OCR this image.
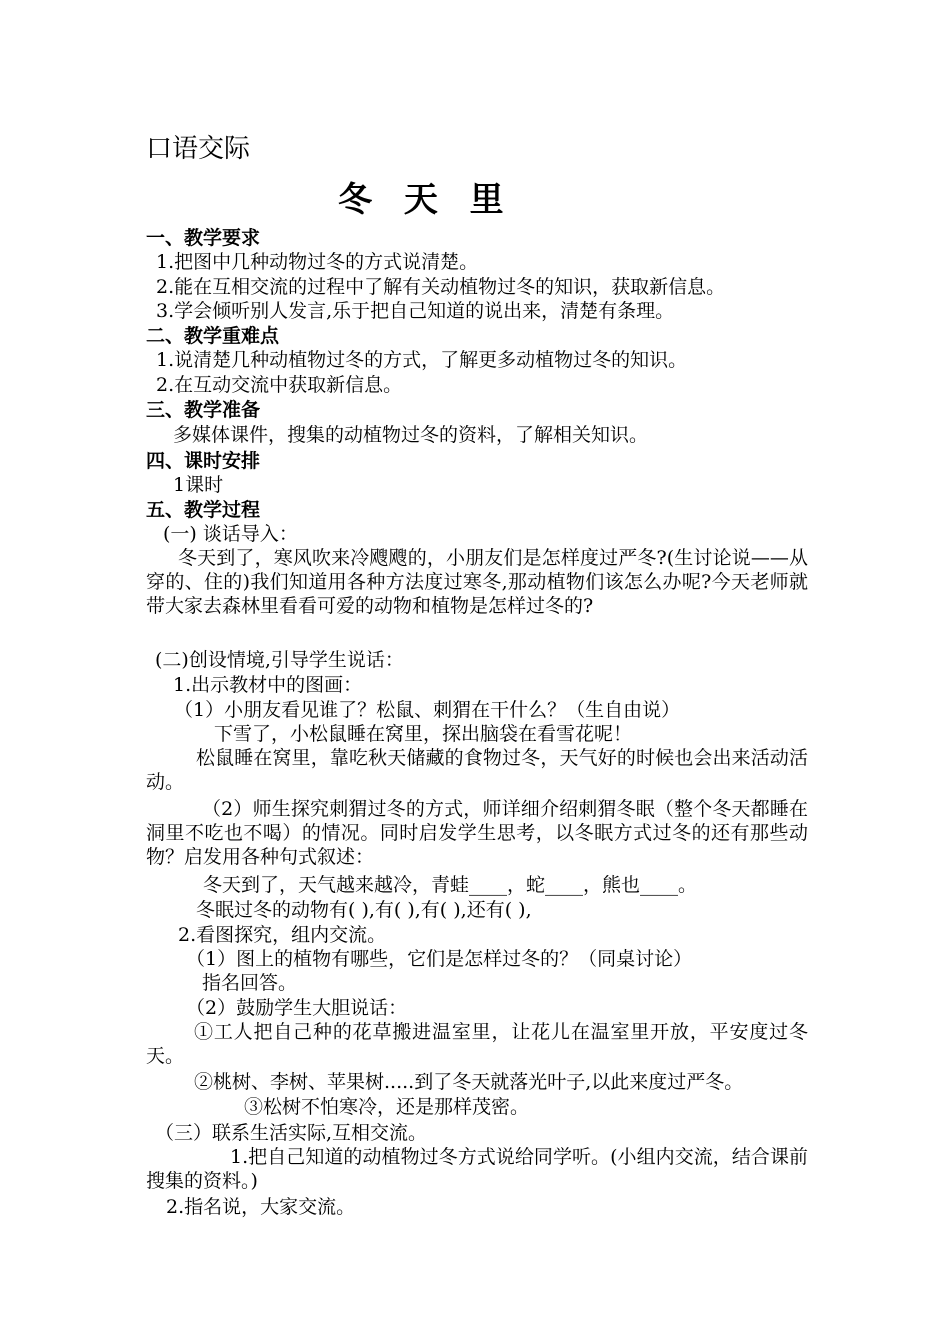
口语交际
冬 天 里
一、教学要求
1.把图中几种动物过冬的方式说清楚。
2.能在互相交流的过程中了解有关动植物过冬的知识，获取新信息。
3.学会倾听别人发言,乐于把自己知道的说出来，清楚有条理。
二、教学重难点
1.说清楚几种动植物过冬的方式，了解更多动植物过冬的知识。
2.在互动交流中获取新信息。
三、教学准备
多媒体课件，搜集的动植物过冬的资料，了解相关知识。
四、课时安排
1课时
五、教学过程
(一) 谈话导入：
冬天到了，寒风吹来冷飕飕的，小朋友们是怎样度过严冬?(生讨论说——从穿的、住的)我们知道用各种方法度过寒冬,那动植物们该怎么办呢?今天老师就带大家去森林里看看可爱的动物和植物是怎样过冬的?
(二)创设情境,引导学生说话：
1.出示教材中的图画：
（1）小朋友看见谁了？松鼠、刺猬在干什么？（生自由说）
下雪了，小松鼠睡在窝里，探出脑袋在看雪花呢！
松鼠睡在窝里，靠吃秋天储藏的食物过冬，天气好的时候也会出来活动活动。
（2）师生探究刺猬过冬的方式，师详细介绍刺猬冬眠（整个冬天都睡在洞里不吃也不喝）的情况。同时启发学生思考，以冬眠方式过冬的还有那些动物？启发用各种句式叙述：
冬天到了，天气越来越冷，青蛙____，蛇____，熊也____。
冬眠过冬的动物有( ),有( ),有( ),还有( ),
2.看图探究，组内交流。
（1）图上的植物有哪些，它们是怎样过冬的？（同桌讨论）
指名回答。
（2）鼓励学生大胆说话：
①工人把自己种的花草搬进温室里，让花儿在温室里开放，平安度过冬天。
②桃树、李树、苹果树.....到了冬天就落光叶子,以此来度过严冬。
③松树不怕寒冷，还是那样茂密。
（三）联系生活实际,互相交流。
1.把自己知道的动植物过冬方式说给同学听。(小组内交流，结合课前搜集的资料。)
2.指名说，大家交流。
